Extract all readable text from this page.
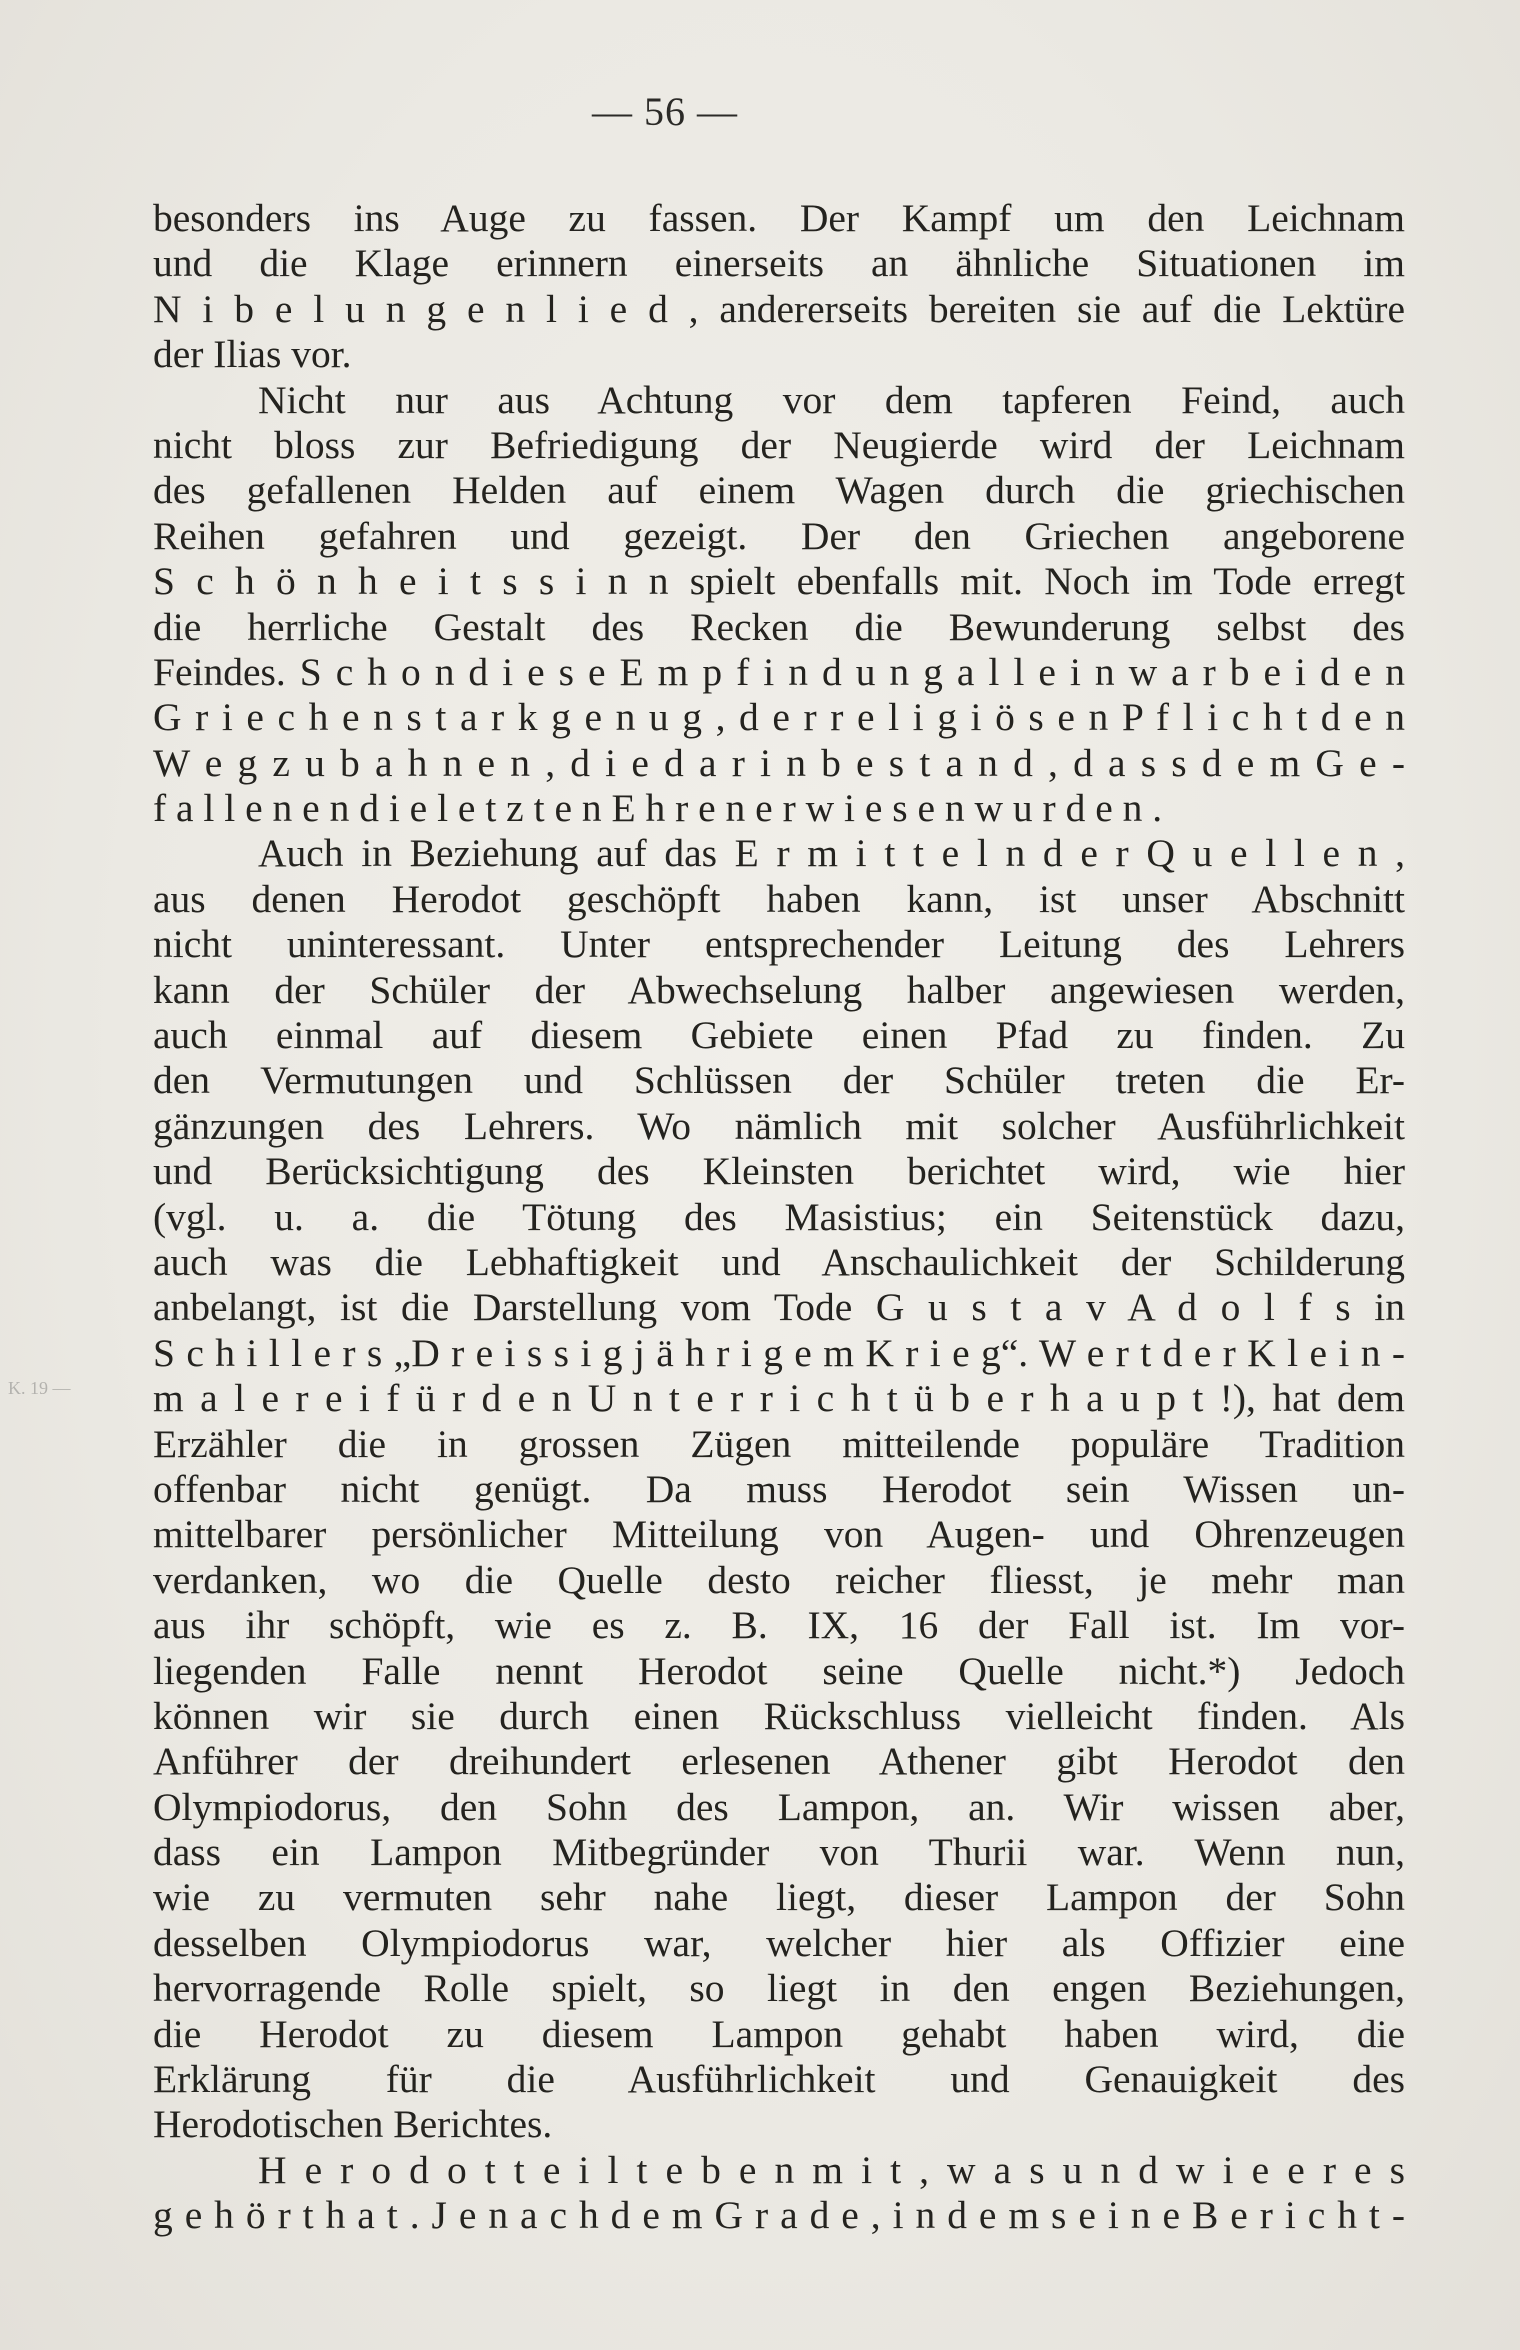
— 56 —
K. 19 —
besonders ins Auge zu fassen. Der Kampf um den Leichnam
und die Klage erinnern einerseits an ähnliche Situationen im
N i b e l u n g e n l i e d , andererseits bereiten sie auf die Lektüre
der Ilias vor.
Nicht nur aus Achtung vor dem tapferen Feind, auch
nicht bloss zur Befriedigung der Neugierde wird der Leichnam
des gefallenen Helden auf einem Wagen durch die griechischen
Reihen gefahren und gezeigt. Der den Griechen angeborene
S c h ö n h e i t s s i n n spielt ebenfalls mit. Noch im Tode erregt
die herrliche Gestalt des Recken die Bewunderung selbst des
Feindes. S c h o n d i e s e E m p f i n d u n g a l l e i n w a r b e i d e n
G r i e c h e n s t a r k g e n u g , d e r r e l i g i ö s e n P f l i c h t d e n
W e g z u b a h n e n , d i e d a r i n b e s t a n d , d a s s d e m G e -
f a l l e n e n d i e l e t z t e n E h r e n e r w i e s e n w u r d e n .
Auch in Beziehung auf das E r m i t t e l n d e r Q u e l l e n ,
aus denen Herodot geschöpft haben kann, ist unser Abschnitt
nicht uninteressant. Unter entsprechender Leitung des Lehrers
kann der Schüler der Abwechselung halber angewiesen werden,
auch einmal auf diesem Gebiete einen Pfad zu finden. Zu
den Vermutungen und Schlüssen der Schüler treten die Er-
gänzungen des Lehrers. Wo nämlich mit solcher Ausführlichkeit
und Berücksichtigung des Kleinsten berichtet wird, wie hier
(vgl. u. a. die Tötung des Masistius; ein Seitenstück dazu,
auch was die Lebhaftigkeit und Anschaulichkeit der Schilderung
anbelangt, ist die Darstellung vom Tode G u s t a v A d o l f s in
S c h i l l e r s „D r e i s s i g j ä h r i g e m K r i e g“. W e r t d e r K l e i n -
m a l e r e i f ü r d e n U n t e r r i c h t ü b e r h a u p t !), hat dem
Erzähler die in grossen Zügen mitteilende populäre Tradition
offenbar nicht genügt. Da muss Herodot sein Wissen un-
mittelbarer persönlicher Mitteilung von Augen- und Ohrenzeugen
verdanken, wo die Quelle desto reicher fliesst, je mehr man
aus ihr schöpft, wie es z. B. IX, 16 der Fall ist. Im vor-
liegenden Falle nennt Herodot seine Quelle nicht.*) Jedoch
können wir sie durch einen Rückschluss vielleicht finden. Als
Anführer der dreihundert erlesenen Athener gibt Herodot den
Olympiodorus, den Sohn des Lampon, an. Wir wissen aber,
dass ein Lampon Mitbegründer von Thurii war. Wenn nun,
wie zu vermuten sehr nahe liegt, dieser Lampon der Sohn
desselben Olympiodorus war, welcher hier als Offizier eine
hervorragende Rolle spielt, so liegt in den engen Beziehungen,
die Herodot zu diesem Lampon gehabt haben wird, die
Erklärung für die Ausführlichkeit und Genauigkeit des
Herodotischen Berichtes.
H e r o d o t t e i l t e b e n m i t , w a s u n d w i e e r e s
g e h ö r t h a t . J e n a c h d e m G r a d e , i n d e m s e i n e B e r i c h t -
